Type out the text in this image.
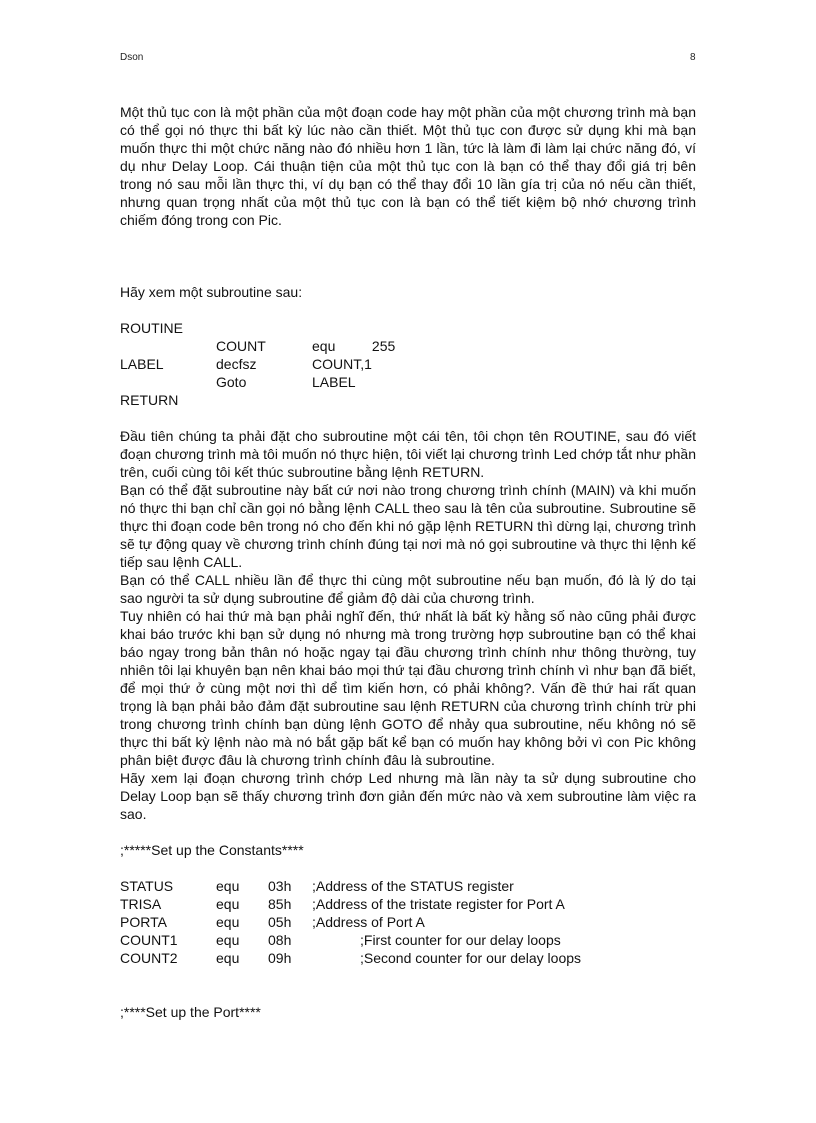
Dson	8

Một thủ tục con là một phần của một đoạn code hay một phần của một chương trình mà bạn có thể gọi nó thực thi bất kỳ lúc nào cần thiết. Một thủ tục con được sử dụng khi mà bạn muốn thực thi một chức năng nào đó nhiều hơn 1 lần, tức là làm đi làm lại chức năng đó, ví dụ như Delay Loop. Cái thuận tiện của một thủ tục con là bạn có thể thay đổi giá trị bên trong nó sau mỗi lần thực thi, ví dụ bạn có thể thay đổi 10 lần gía trị của nó nếu cần thiết, nhưng quan trọng nhất của một thủ tục con là bạn có thể tiết kiệm bộ nhớ chương trình chiếm đóng trong con Pic.

Hãy xem một subroutine sau:

ROUTINE			
	COUNT	equ	255
LABEL	decfsz	COUNT,1	
	Goto	LABEL	
RETURN			

Đầu tiên chúng ta phải đặt cho subroutine một cái tên, tôi chọn tên ROUTINE, sau đó viết đoạn chương trình mà tôi muốn nó thực hiện, tôi viết lại chương trình Led chớp tắt như phần trên, cuối cùng tôi kết thúc subroutine bằng lệnh RETURN.

Bạn có thể đặt subroutine này bất cứ nơi nào trong chương trình chính (MAIN) và khi muốn nó thực thi bạn chỉ cần gọi nó bằng lệnh CALL theo sau là tên của subroutine. Subroutine sẽ thực thi đoạn code bên trong nó cho đến khi nó gặp lệnh RETURN thì dừng lại, chương trình sẽ tự động quay về chương trình chính đúng tại nơi mà nó gọi subroutine và thực thi lệnh kế tiếp sau lệnh CALL.

Bạn có thể CALL nhiều lần để thực thi cùng một subroutine nếu bạn muốn, đó là lý do tại sao người ta sử dụng subroutine để giảm độ dài của chương trình.

Tuy nhiên có hai thứ mà bạn phải nghĩ đến, thứ nhất là bất kỳ hằng số nào cũng phải được khai báo trước khi bạn sử dụng nó nhưng mà trong trường hợp subroutine bạn có thể khai báo ngay trong bản thân nó hoặc ngay tại đầu chương trình chính như thông thường, tuy nhiên tôi lại khuyên bạn nên khai báo mọi thứ tại đầu chương trình chính vì như bạn đã biết, để mọi thứ ở cùng một nơi thì dể tìm kiến hơn, có phải không?. Vấn đề thứ hai rất quan trọng là bạn phải bảo đảm đặt subroutine sau lệnh RETURN của chương trình chính trừ phi trong chương trình chính bạn dùng lệnh GOTO để nhảy qua subroutine, nếu không nó sẽ thực thi bất kỳ lệnh nào mà nó bắt gặp bất kể bạn có muốn hay không bởi vì con Pic không phân biệt được đâu là chương trình chính đâu là subroutine.

Hãy xem lại đoạn chương trình chớp Led nhưng mà lần này ta sử dụng subroutine cho Delay Loop bạn sẽ thấy chương trình đơn giản đến mức nào và xem subroutine làm việc ra sao.

;*****Set up the Constants****

STATUS	equ	03h	;Address of the STATUS register
TRISA	equ	85h	;Address of the tristate register for Port A
PORTA	equ	05h	;Address of Port A
COUNT1	equ	08h	;First counter for our delay loops
COUNT2	equ	09h	;Second counter for our delay loops

;****Set up the Port****
